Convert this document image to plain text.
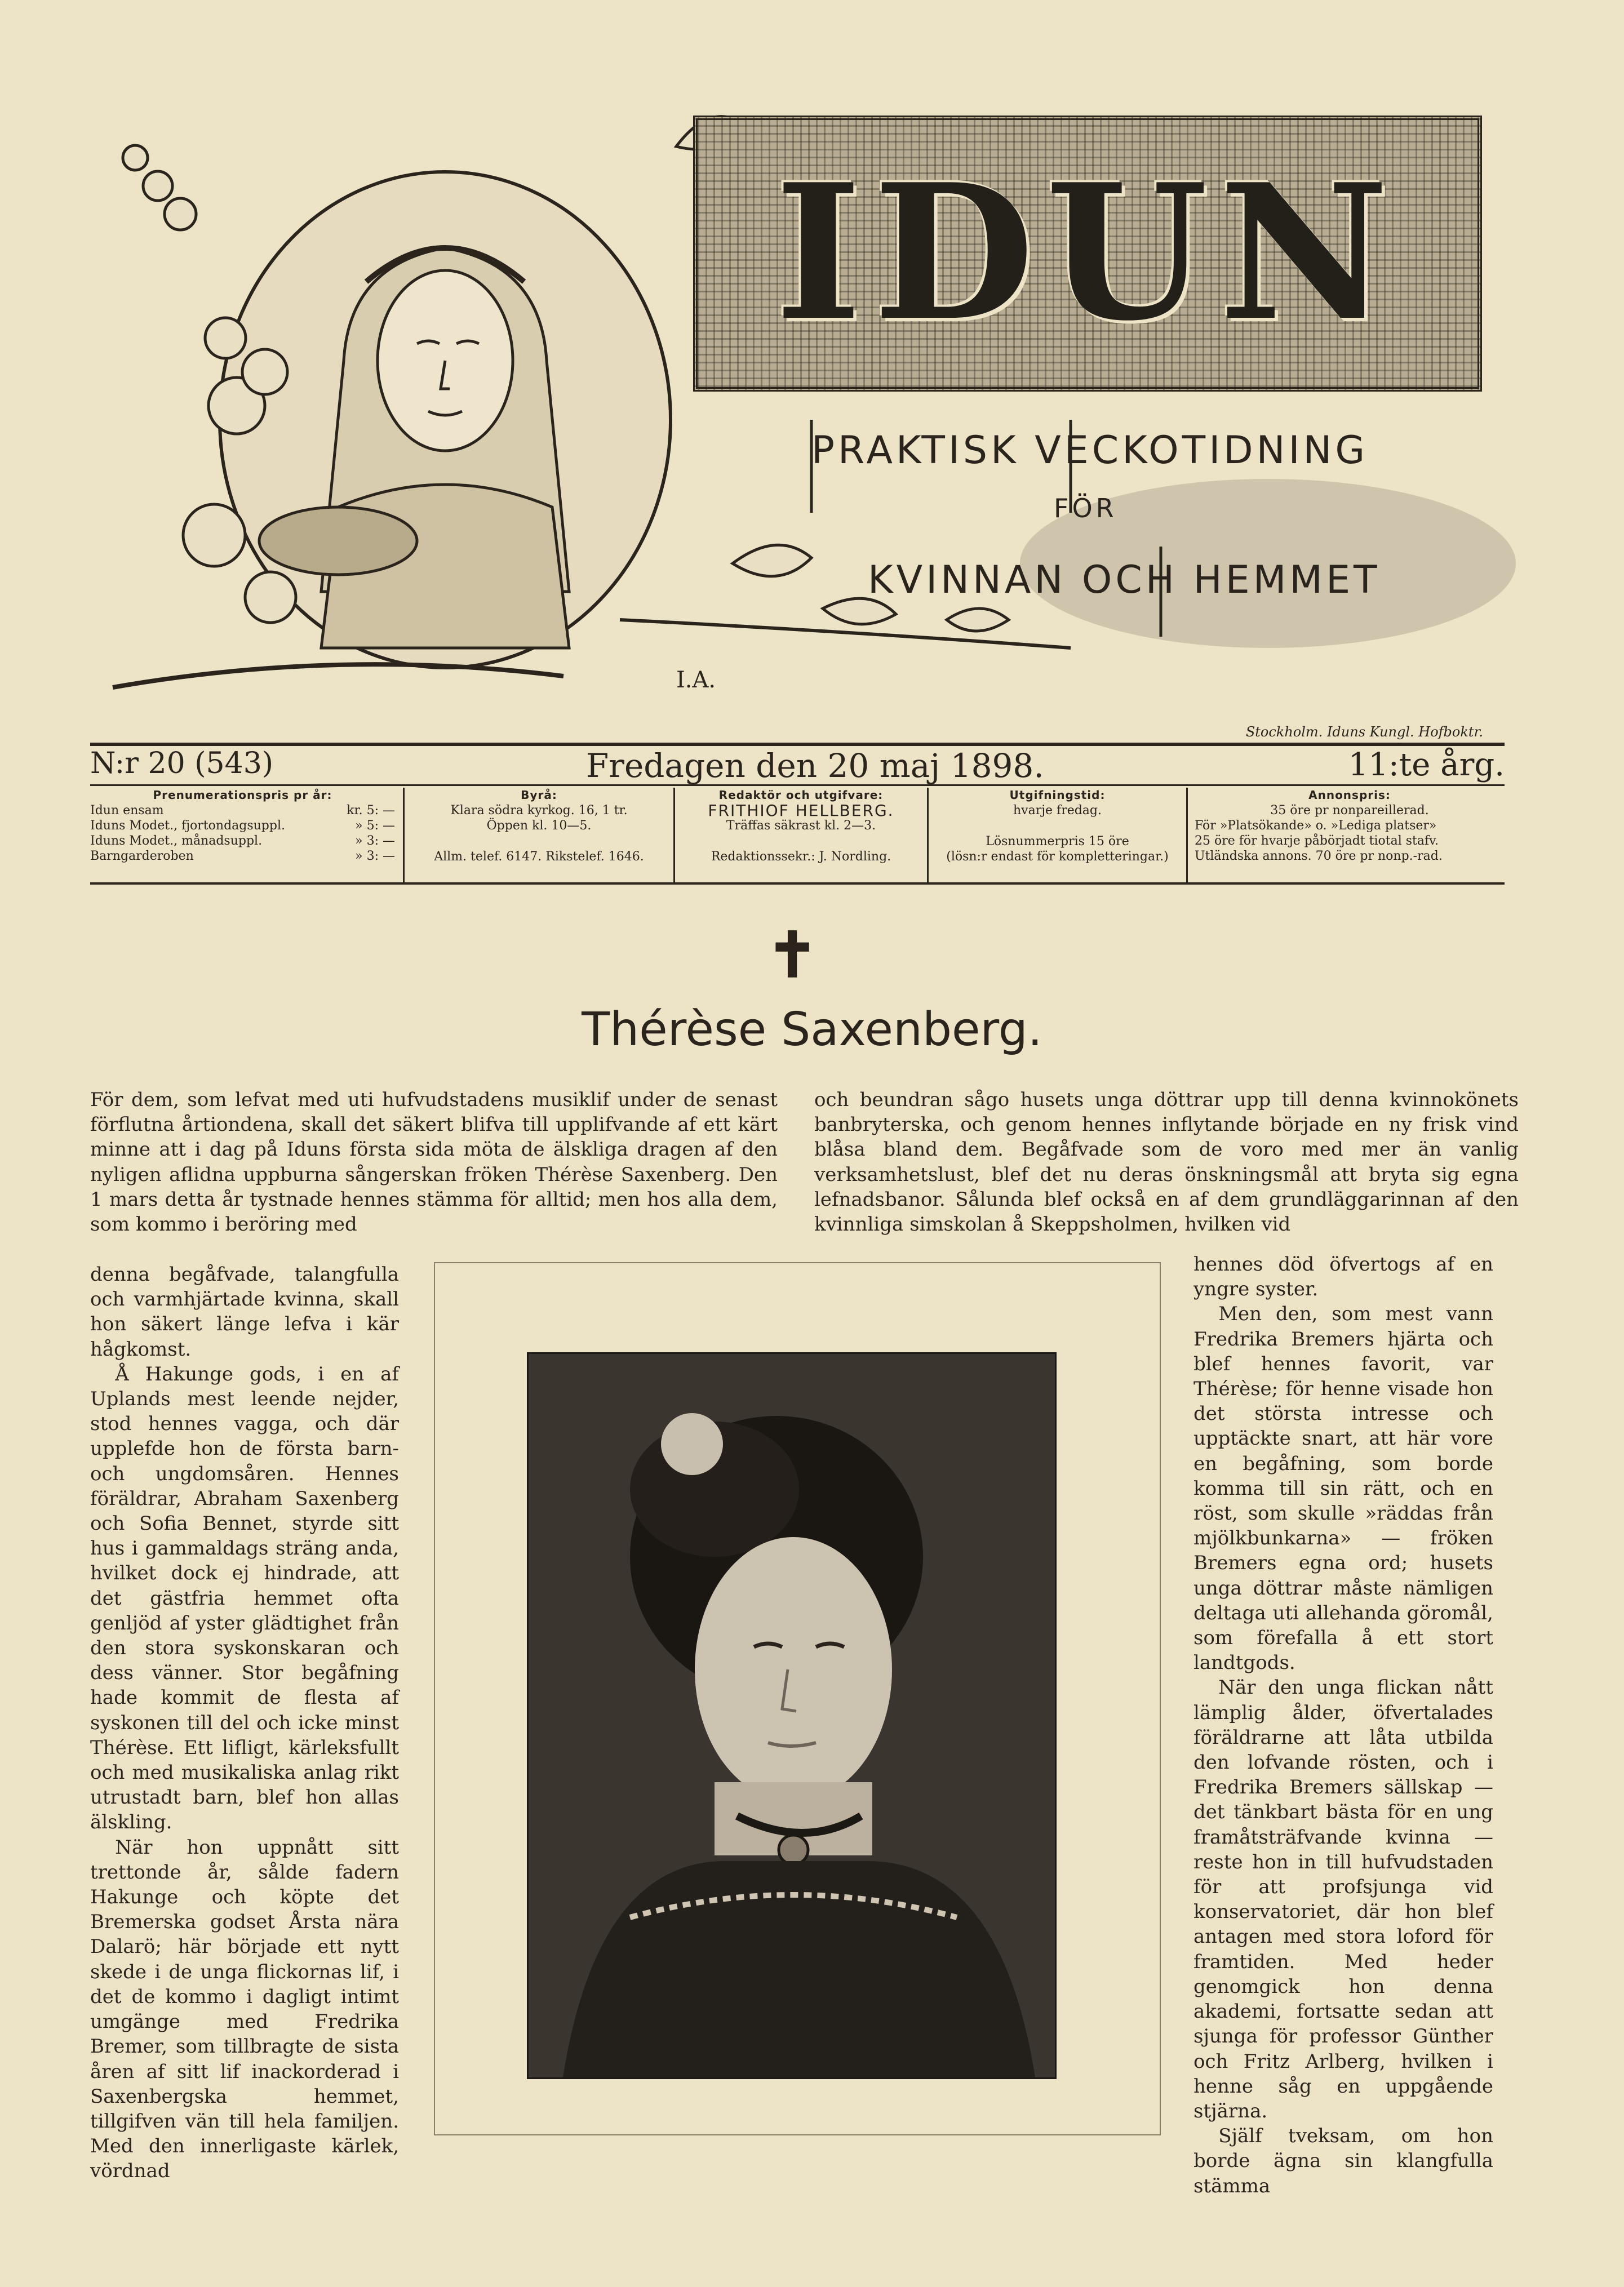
I.A.
IDUN
PRAKTISK VECKOTIDNING
FÖR
KVINNAN OCH HEMMET
Stockholm. Iduns Kungl. Hofboktr.
N:r 20 (543)	Fredagen den 20 maj 1898.	11:te årg.
Prenumerationspris pr år:
Idun ensam	kr. 5: —
Iduns Modet., fjortondagsuppl.	» 5: —
Iduns Modet., månadsuppl.	» 3: —
Barngarderoben	» 3: —
Byrå:
Klara södra kyrkog. 16, 1 tr.
Öppen kl. 10—5.
Allm. telef. 6147. Rikstelef. 1646.
Redaktör och utgifvare:
FRITHIOF HELLBERG.
Träffas säkrast kl. 2—3.
Redaktionssekr.: J. Nordling.
Utgifningstid:
hvarje fredag.
Lösnummerpris 15 öre
(lösn:r endast för kompletteringar.)
Annonspris:
35 öre pr nonpareillerad.
För »Platsökande» o. »Lediga platser»
25 öre för hvarje påbörjadt tiotal stafv.
Utländska annons. 70 öre pr nonp.-rad.
✝
Thérèse Saxenberg.

För dem, som lefvat med uti hufvudstadens musiklif under de senast förflutna årtiondena, skall det säkert blifva till upplifvande af ett kärt minne att i dag på Iduns första sida möta de älskliga dragen af den nyligen aflidna uppburna sångerskan fröken Thérèse Saxenberg. Den 1 mars detta år tystnade hennes stämma för alltid; men hos alla dem, som kommo i beröring med

och beundran sågo husets unga döttrar upp till denna kvinnokönets banbryterska, och genom hennes inflytande började en ny frisk vind blåsa bland dem. Begåfvade som de voro med mer än vanlig verksamhetslust, blef det nu deras önskningsmål att bryta sig egna lefnadsbanor. Sålunda blef också en af dem grundläggarinnan af den kvinnliga simskolan å Skeppsholmen, hvilken vid

denna begåfvade, talangfulla och varmhjärtade kvinna, skall hon säkert länge lefva i kär hågkomst.

Å Hakunge gods, i en af Uplands mest leende nejder, stod hennes vagga, och där upplefde hon de första barn- och ungdomsåren. Hennes föräldrar, Abraham Saxenberg och Sofia Bennet, styrde sitt hus i gammaldags sträng anda, hvilket dock ej hindrade, att det gästfria hemmet ofta genljöd af yster glädtighet från den stora syskonskaran och dess vänner. Stor begåfning hade kommit de flesta af syskonen till del och icke minst Thérèse. Ett lifligt, kärleksfullt och med musikaliska anlag rikt utrustadt barn, blef hon allas älskling.

När hon uppnått sitt trettonde år, sålde fadern Hakunge och köpte det Bremerska godset Årsta nära Dalarö; här började ett nytt skede i de unga flickornas lif, i det de kommo i dagligt intimt umgänge med Fredrika Bremer, som tillbragte de sista åren af sitt lif inackorderad i Saxenbergska hemmet, tillgifven vän till hela familjen. Med den innerligaste kärlek, vördnad

hennes död öfvertogs af en yngre syster.

Men den, som mest vann Fredrika Bremers hjärta och blef hennes favorit, var Thérèse; för henne visade hon det största intresse och upptäckte snart, att här vore en begåfning, som borde komma till sin rätt, och en röst, som skulle »räddas från mjölkbunkarna» — fröken Bremers egna ord; husets unga döttrar måste nämligen deltaga uti allehanda göromål, som förefalla å ett stort landtgods.

När den unga flickan nått lämplig ålder, öfvertalades föräldrarne att låta utbilda den lofvande rösten, och i Fredrika Bremers sällskap — det tänkbart bästa för en ung framåtsträfvande kvinna — reste hon in till hufvudstaden för att profsjunga vid konservatoriet, där hon blef antagen med stora loford för framtiden. Med heder genomgick hon denna akademi, fortsatte sedan att sjunga för professor Günther och Fritz Arlberg, hvilken i henne såg en uppgående stjärna.

Själf tveksam, om hon borde ägna sin klangfulla stämma
